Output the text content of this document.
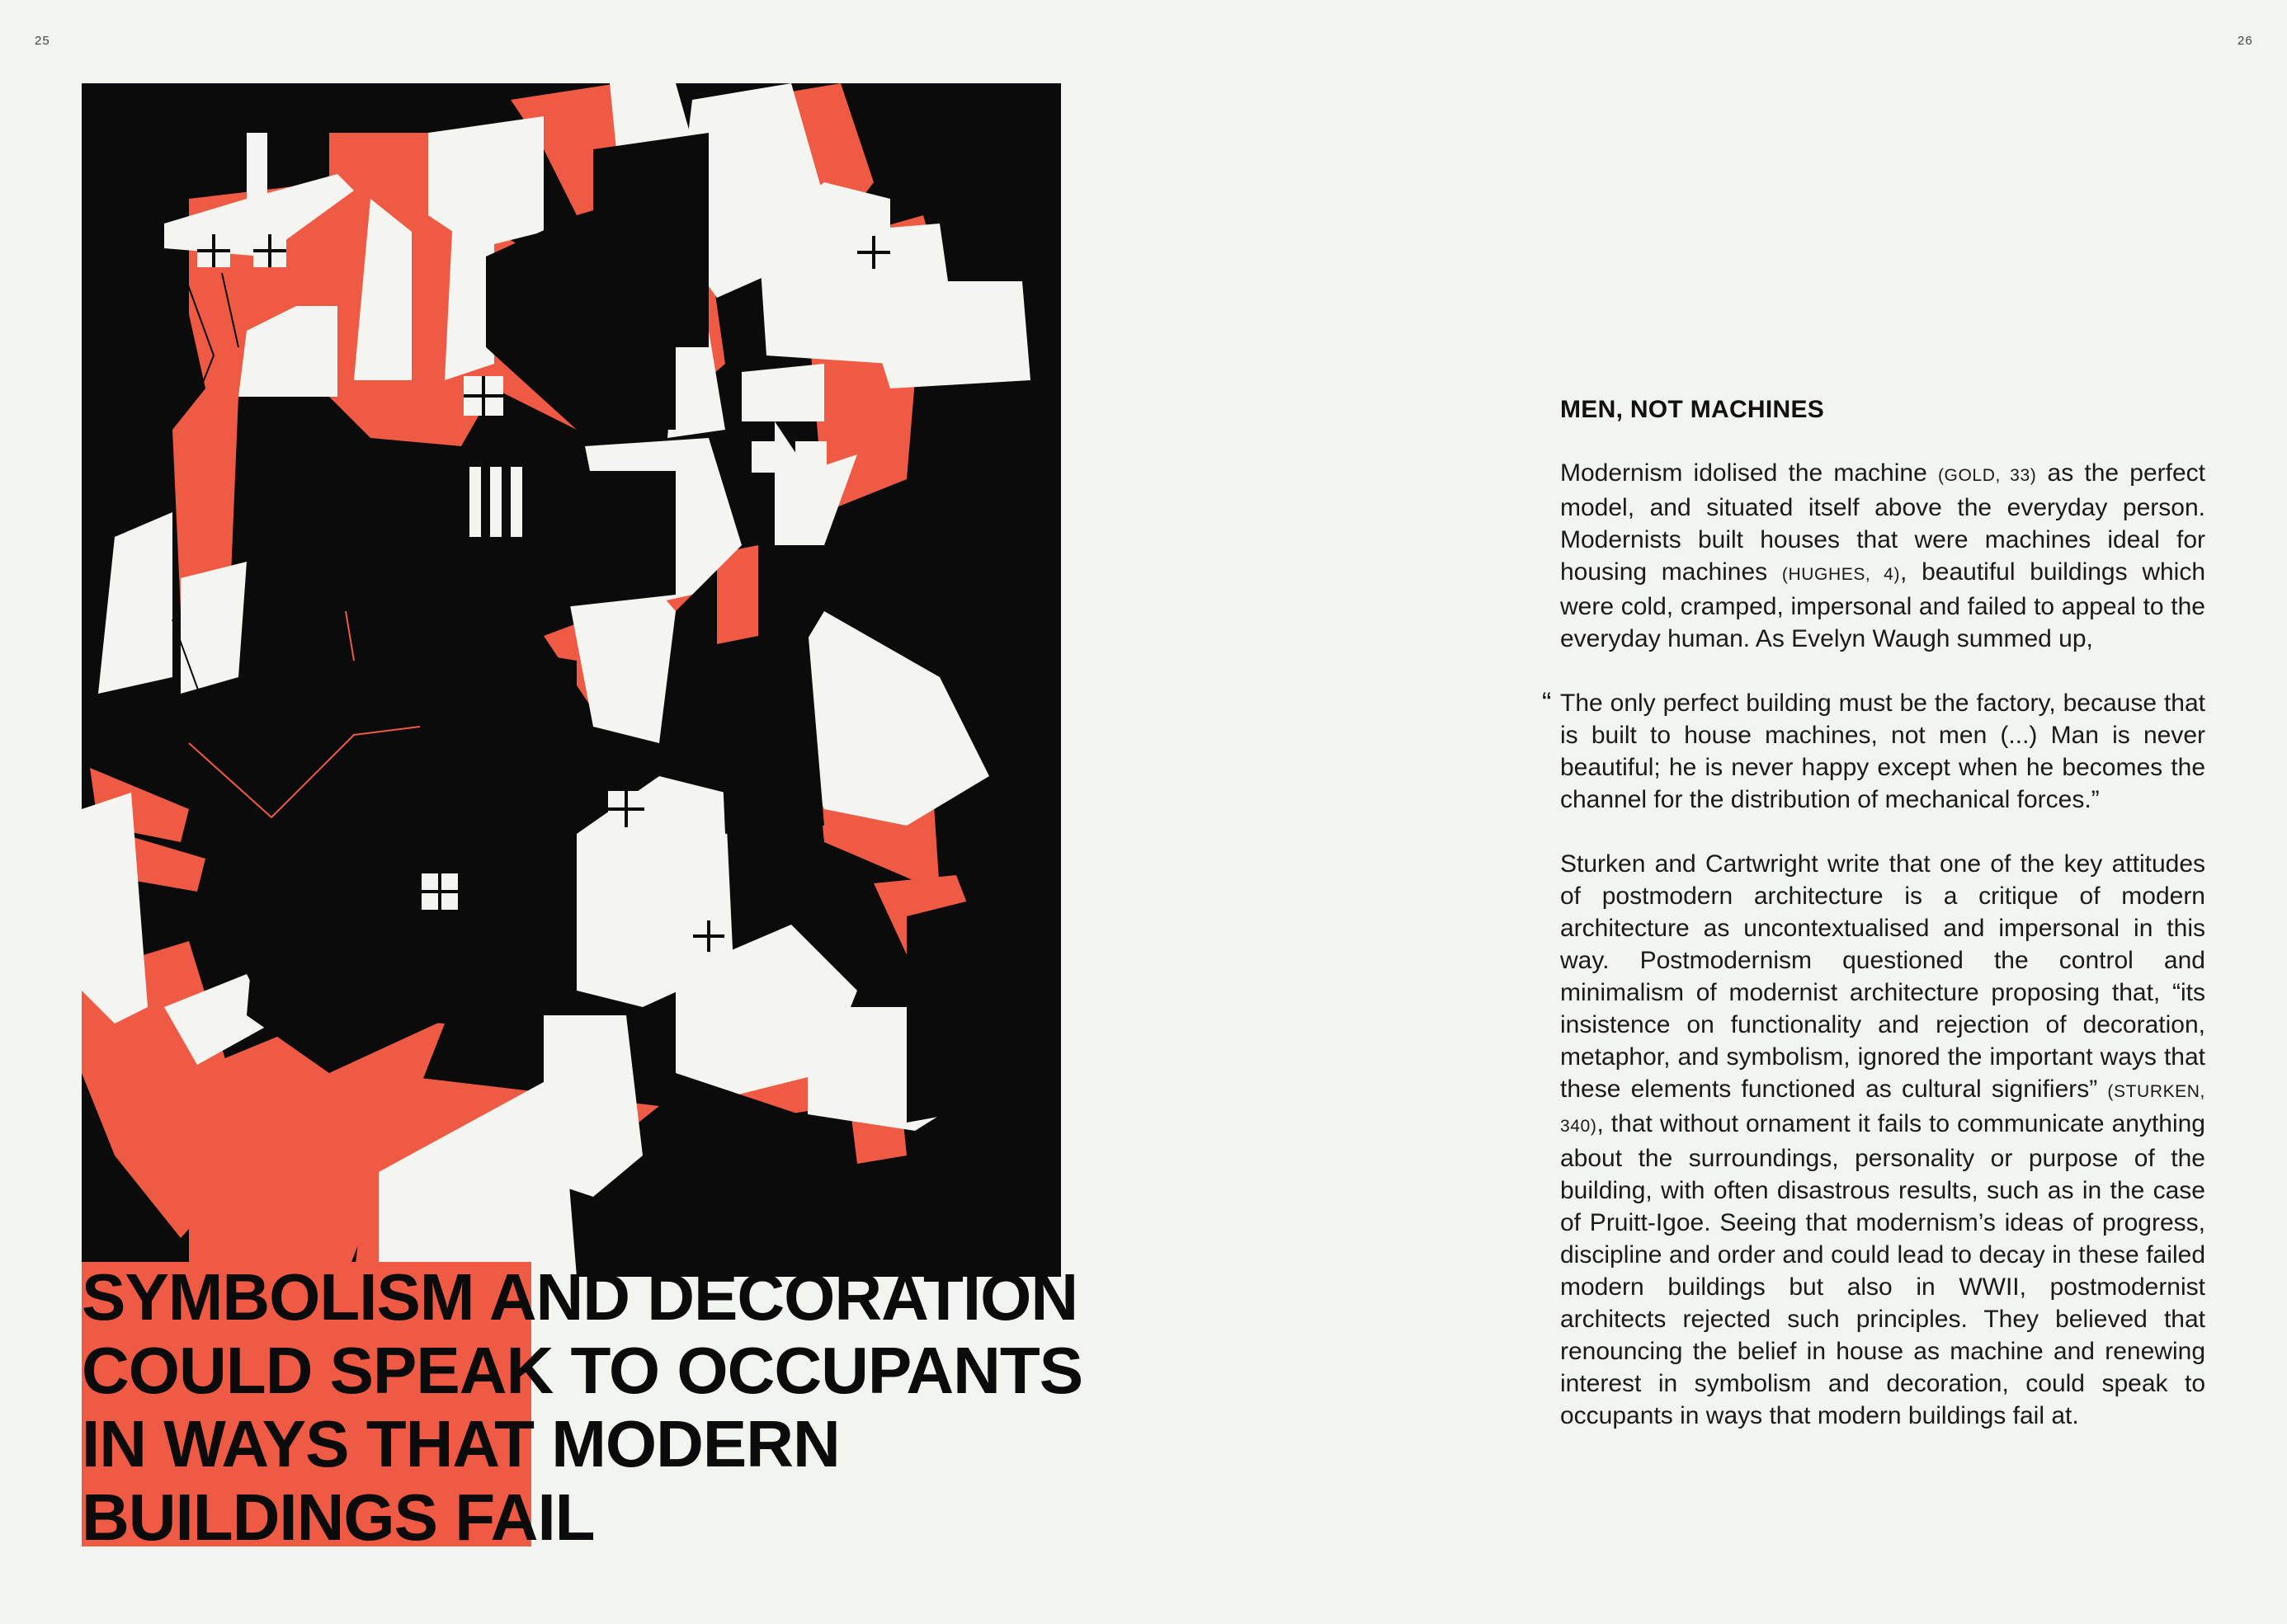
25	26
SYMBOLISM AND DECORATION
COULD SPEAK TO OCCUPANTS
IN WAYS THAT MODERN
BUILDINGS FAIL
MEN, NOT MACHINES

Modernism idolised the machine (GOLD, 33) as the perfect model, and situated itself above the everyday person. Modernists built houses that were machines ideal for housing machines (HUGHES, 4), beautiful buildings which were cold, cramped, impersonal and failed to appeal to the everyday human. As Evelyn Waugh summed up,

“ The only perfect building must be the factory, because that is built to house machines, not men (...) Man is never beautiful; he is never happy except when he becomes the channel for the distribution of mechanical forces.”

Sturken and Cartwright write that one of the key attitudes of postmodern architecture is a critique of modern architecture as uncontextualised and impersonal in this way. Postmodernism questioned the control and minimalism of modernist architecture proposing that, “its insistence on functionality and rejection of decoration, metaphor, and symbolism, ignored the important ways that these elements functioned as cultural signifiers” (STURKEN, 340), that without ornament it fails to communicate anything about the surroundings, personality or purpose of the building, with often disastrous results, such as in the case of Pruitt-Igoe. Seeing that modernism’s ideas of progress, discipline and order and could lead to decay in these failed modern buildings but also in WWII, postmodernist architects rejected such principles. They believed that renouncing the belief in house as machine and renewing interest in symbolism and decoration, could speak to occupants in ways that modern buildings fail at.
